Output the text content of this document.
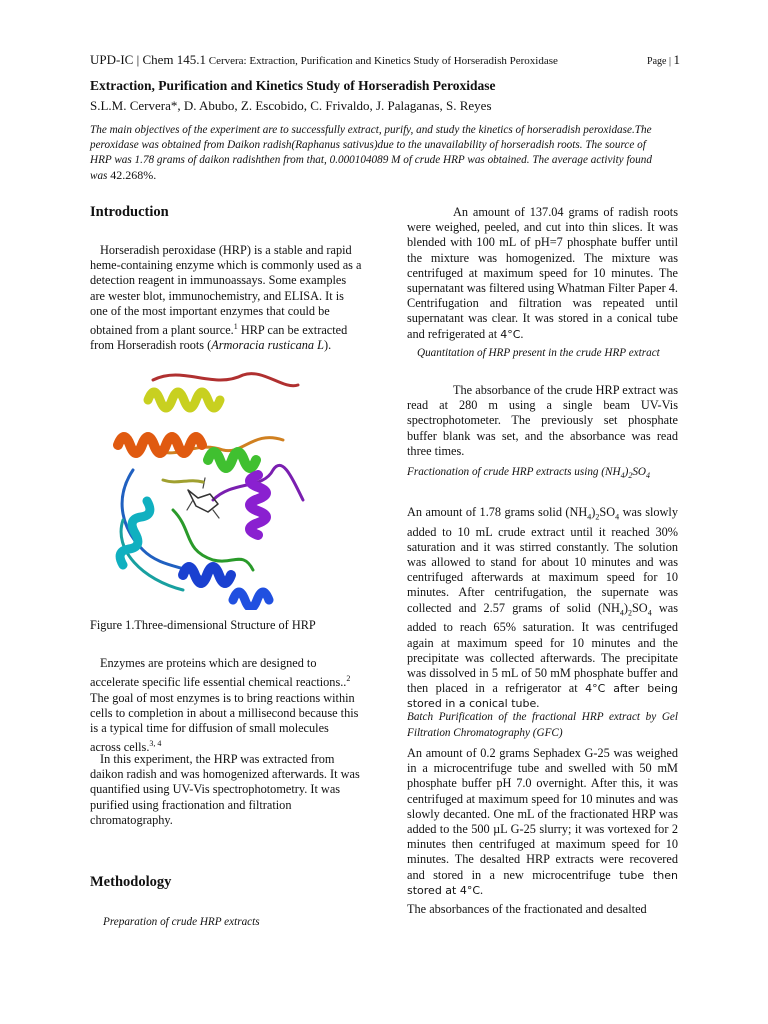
UPD-IC | Chem 145.1 Cervera: Extraction, Purification and Kinetics Study of Horseradish Peroxidase	Page | 1
Extraction, Purification and Kinetics Study of Horseradish Peroxidase
S.L.M. Cervera*, D. Abubo, Z. Escobido, C. Frivaldo, J. Palaganas, S. Reyes
The main objectives of the experiment are to successfully extract, purify, and study the kinetics of horseradish peroxidase.The peroxidase was obtained from Daikon radish(Raphanus sativus)due to the unavailability of horseradish roots. The source of HRP was 1.78 grams of daikon radishthen from that, 0.000104089 M of crude HRP was obtained. The average activity found was 42.268%.
Introduction

Horseradish peroxidase (HRP) is a stable and rapid heme-containing enzyme which is commonly used as a detection reagent in immunoassays. Some examples are wester blot, immunochemistry, and ELISA. It is one of the most important enzymes that could be obtained from a plant source.$^1$ HRP can be extracted from Horseradish roots (Armoracia rusticana L).

Figure 1.Three-dimensional Structure of HRP

Enzymes are proteins which are designed to accelerate specific life essential chemical reactions..$^2$ The goal of most enzymes is to bring reactions within cells to completion in about a millisecond because this is a typical time for diffusion of small molecules across cells.$^{3, 4}$

In this experiment, the HRP was extracted from daikon radish and was homogenized afterwards. It was quantified using UV-Vis spectrophotometry. It was purified using fractionation and filtration chromatography.

Methodology
Preparation of crude HRP extracts

An amount of 137.04 grams of radish roots were weighed, peeled, and cut into thin slices. It was blended with 100 mL of pH=7 phosphate buffer until the mixture was homogenized. The mixture was centrifuged at maximum speed for 10 minutes. The supernatant was filtered using Whatman Filter Paper 4. Centrifugation and filtration was repeated until supernatant was clear. It was stored in a conical tube and refrigerated at 4°C.

Quantitation of HRP present in the crude HRP extract

The absorbance of the crude HRP extract was read at 280 m using a single beam UV-Vis spectrophotometer. The previously set phosphate buffer blank was set, and the absorbance was read three times.

Fractionation of crude HRP extracts using $(NH_4)_2SO_4$

An amount of 1.78 grams solid $(NH_4)_2SO_4$ was slowly added to 10 mL crude extract until it reached 30% saturation and it was stirred constantly. The solution was allowed to stand for about 10 minutes and was centrifuged afterwards at maximum speed for 10 minutes. After centrifugation, the supernate was collected and 2.57 grams of solid $(NH_4)_2SO_4$ was added to reach 65% saturation. It was centrifuged again at maximum speed for 10 minutes and the precipitate was collected afterwards. The precipitate was dissolved in 5 mL of 50 mM phosphate buffer and then placed in a refrigerator at 4°C after being stored in a conical tube.

Batch Purification of the fractional HRP extract by Gel Filtration Chromatography (GFC)

An amount of 0.2 grams Sephadex G-25 was weighed in a microcentrifuge tube and swelled with 50 mM phosphate buffer pH 7.0 overnight. After this, it was centrifuged at maximum speed for 10 minutes and was slowly decanted. One mL of the fractionated HRP was added to the 500 µL G-25 slurry; it was vortexed for 2 minutes then centrifuged at maximum speed for 10 minutes. The desalted HRP extracts were recovered and stored in a new microcentrifuge tube then stored at 4°C.

The absorbances of the fractionated and desalted
